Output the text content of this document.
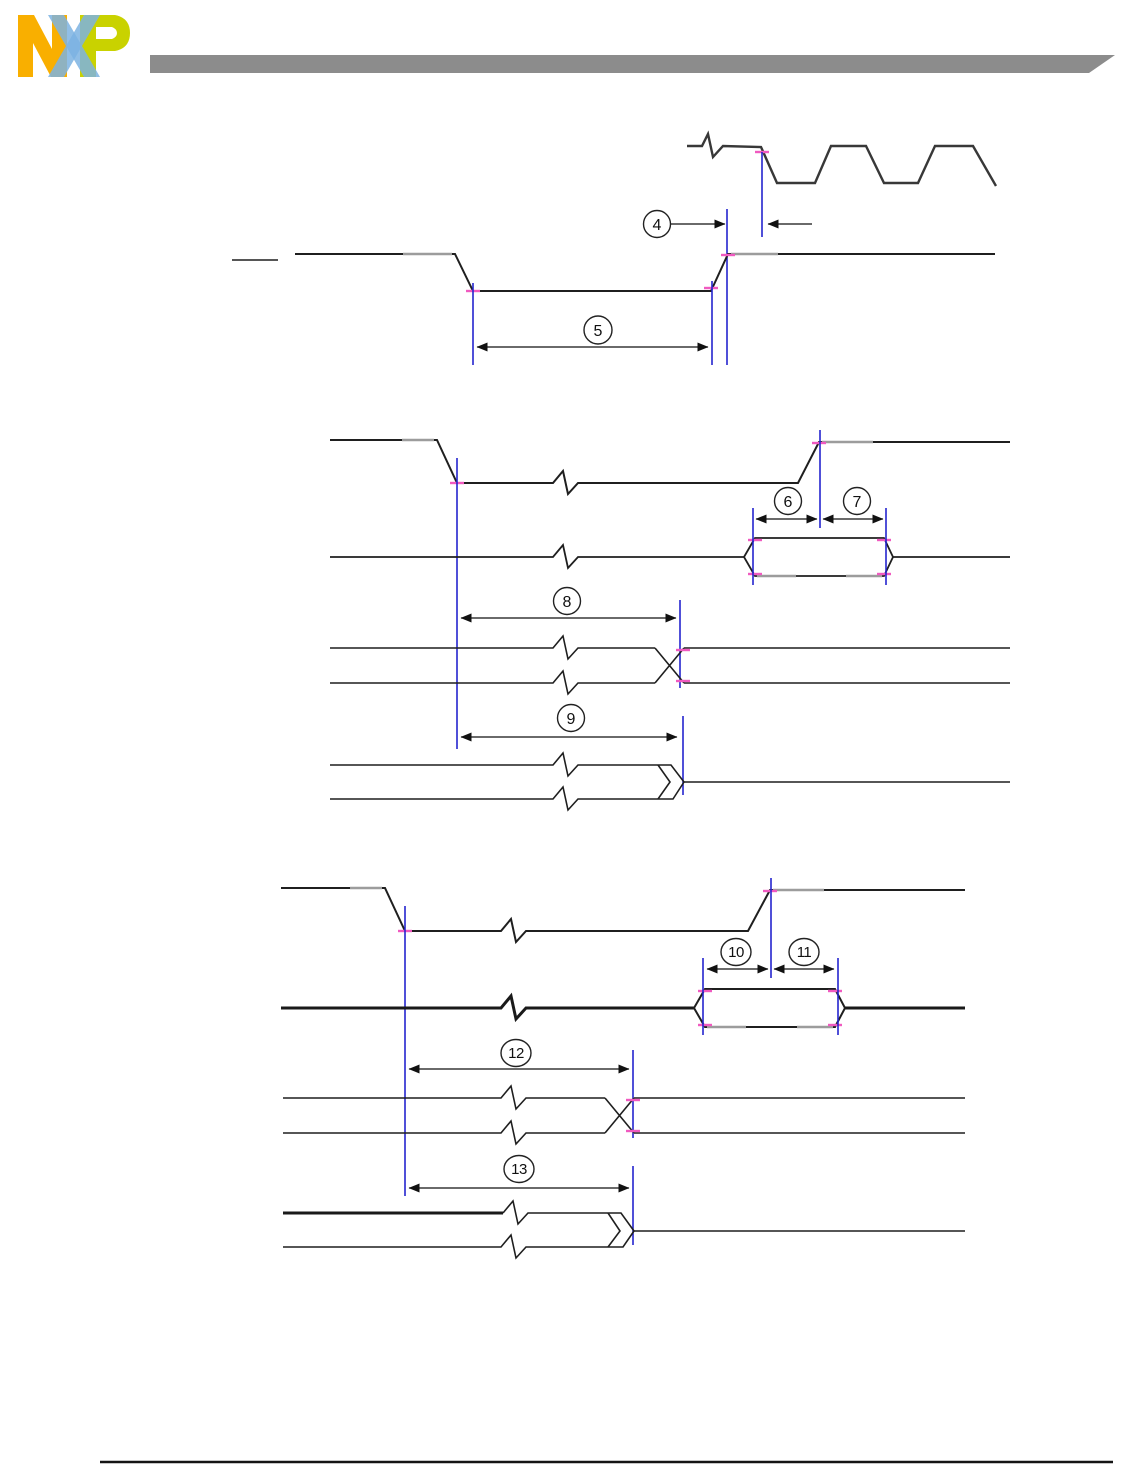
4
5
6	7
8
9
10	11
12
13
